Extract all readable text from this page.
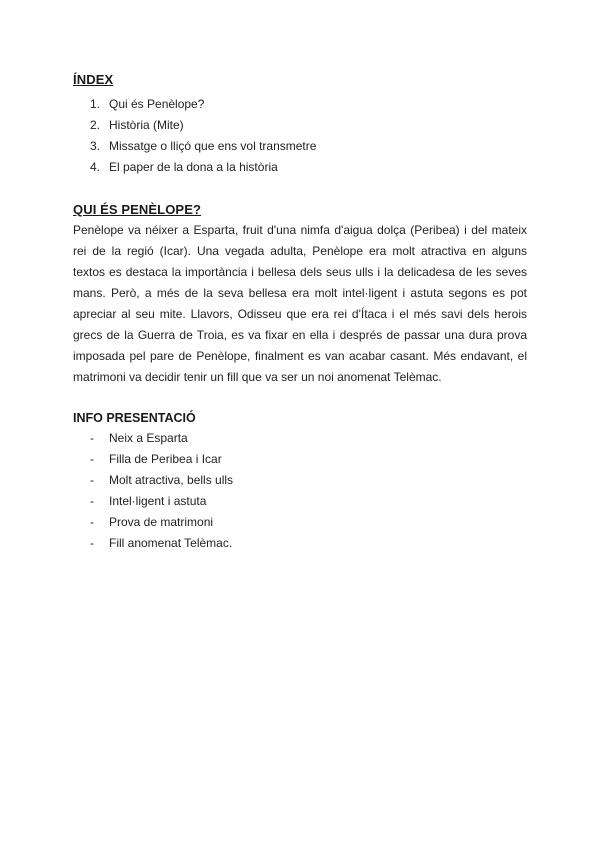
ÍNDEX
1. Qui és Penèlope?
2. Història (Mite)
3. Missatge o lliçó que ens vol transmetre
4. El paper de la dona a la història
QUI ÉS PENÈLOPE?

Penèlope va néixer a Esparta, fruit d'una nimfa d'aigua dolça (Peribea) i del mateix rei de la regió (Icar). Una vegada adulta, Penèlope era molt atractiva en alguns textos es destaca la importància i bellesa dels seus ulls i la delicadesa de les seves mans. Però, a més de la seva bellesa era molt intel·ligent i astuta segons es pot apreciar al seu mite. Llavors, Odisseu que era rei d'Ítaca i el més savi dels herois grecs de la Guerra de Troia, es va fixar en ella i després de passar una dura prova imposada pel pare de Penèlope, finalment es van acabar casant. Més endavant, el matrimoni va decidir tenir un fill que va ser un noi anomenat Telèmac.

INFO PRESENTACIÓ
- Neix a Esparta
- Filla de Peribea i Icar
- Molt atractiva, bells ulls
- Intel·ligent i astuta
- Prova de matrimoni
- Fill anomenat Telèmac.
